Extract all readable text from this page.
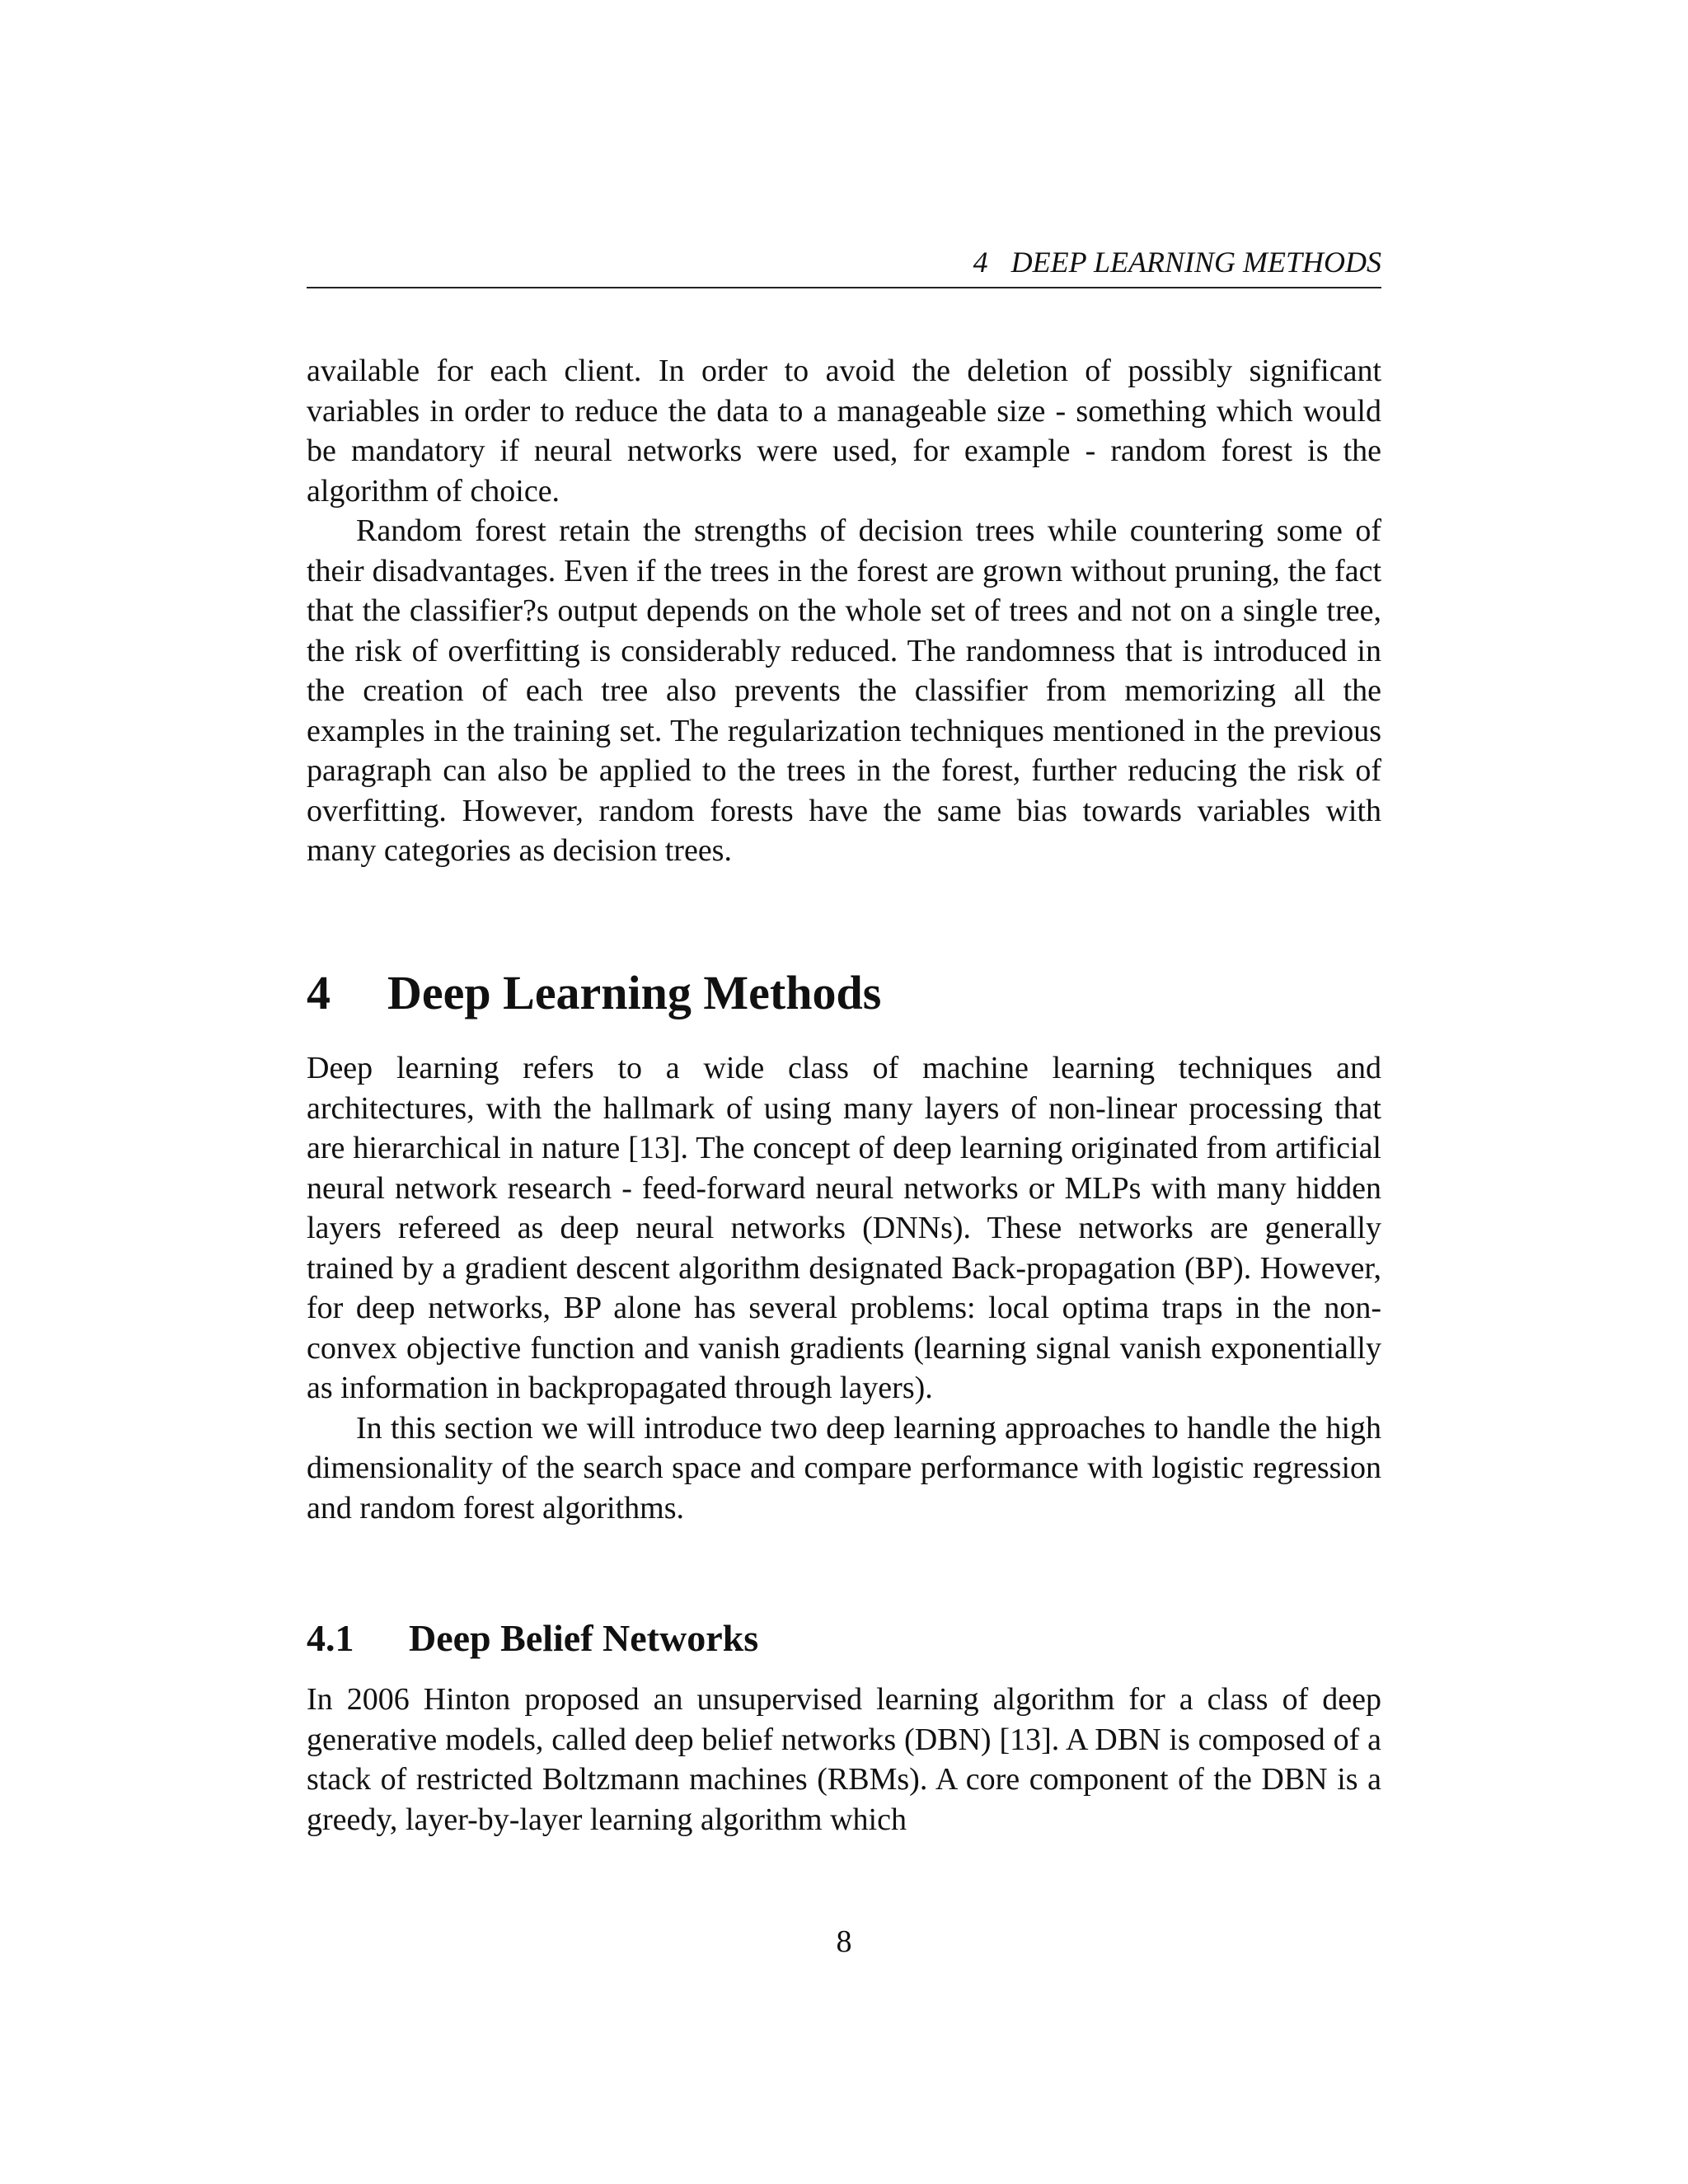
4 DEEP LEARNING METHODS

available for each client. In order to avoid the deletion of possibly significant variables in order to reduce the data to a manageable size - something which would be mandatory if neural networks were used, for example - random forest is the algorithm of choice.

Random forest retain the strengths of decision trees while countering some of their disadvantages. Even if the trees in the forest are grown without pruning, the fact that the classifier?s output depends on the whole set of trees and not on a single tree, the risk of overfitting is considerably reduced. The randomness that is introduced in the creation of each tree also prevents the classifier from memorizing all the examples in the training set. The regularization techniques mentioned in the previous paragraph can also be applied to the trees in the forest, further reducing the risk of overfitting. However, random forests have the same bias towards variables with many categories as decision trees.

4 Deep Learning Methods

Deep learning refers to a wide class of machine learning techniques and architectures, with the hallmark of using many layers of non-linear processing that are hierarchical in nature [13]. The concept of deep learning originated from artificial neural network research - feed-forward neural networks or MLPs with many hidden layers refereed as deep neural networks (DNNs). These networks are generally trained by a gradient descent algorithm designated Back-propagation (BP). However, for deep networks, BP alone has several problems: local optima traps in the non-convex objective function and vanish gradients (learning signal vanish exponentially as information in backpropagated through layers).

In this section we will introduce two deep learning approaches to handle the high dimensionality of the search space and compare performance with logistic regression and random forest algorithms.

4.1 Deep Belief Networks

In 2006 Hinton proposed an unsupervised learning algorithm for a class of deep generative models, called deep belief networks (DBN) [13]. A DBN is composed of a stack of restricted Boltzmann machines (RBMs). A core component of the DBN is a greedy, layer-by-layer learning algorithm which

8
